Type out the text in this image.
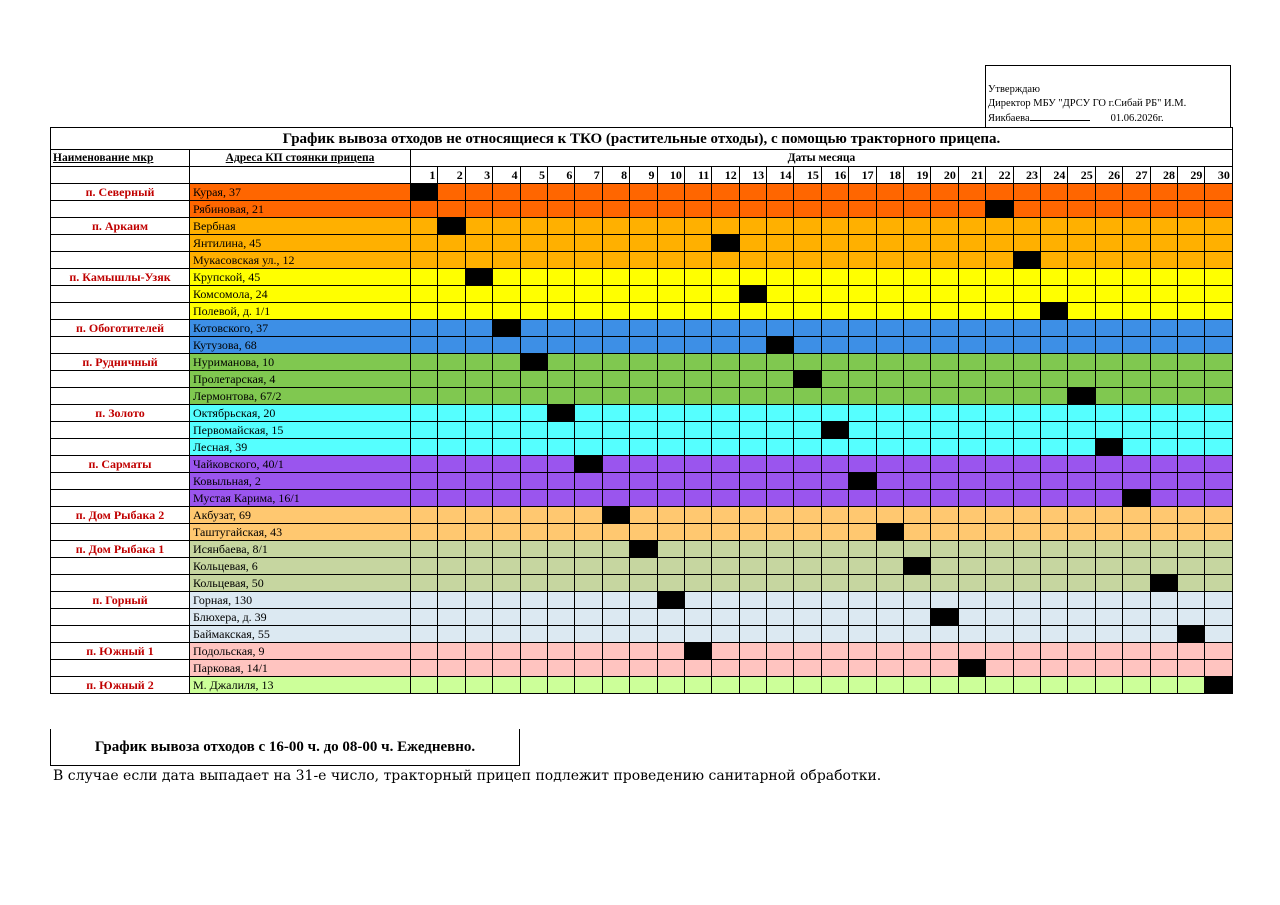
Утверждаю
Директор МБУ "ДРСУ ГО г.Сибай РБ" И.М.
Яикбаева	01.06.2026г.
График вывоза отходов не относящиеся к ТКО (растительные отходы), с помощью тракторного прицепа.																															
Наименование мкр	Адреса КП стоянки прицепа	Даты месяца																													
		1	2	3	4	5	6	7	8	9	10	11	12	13	14	15	16	17	18	19	20	21	22	23	24	25	26	27	28	29	30
п. Северный	Курая, 37																														
	Рябиновая, 21																														
п. Аркаим	Вербная																														
	Янтилина, 45																														
	Мукасовская ул., 12																														
п. Камышлы-Узяк	Крупской, 45																														
	Комсомола, 24																														
	Полевой, д. 1/1																														
п. Обоготителей	Котовского, 37																														
	Кутузова, 68																														
п. Рудничный	Нуриманова, 10																														
	Пролетарская, 4																														
	Лермонтова, 67/2																														
п. Золото	Октябрьская, 20																														
	Первомайская, 15																														
	Лесная, 39																														
п. Сарматы	Чайковского, 40/1																														
	Ковыльная, 2																														
	Мустая Карима, 16/1																														
п. Дом Рыбака 2	Акбузат, 69																														
	Таштугайская, 43																														
п. Дом Рыбака 1	Исянбаева, 8/1																														
	Кольцевая, 6																														
	Кольцевая, 50																														
п. Горный	Горная, 130																														
	Блюхера, д. 39																														
	Баймакская, 55																														
п. Южный 1	Подольская, 9																														
	Парковая, 14/1																														
п. Южный 2	М. Джалиля, 13																														
График вывоза отходов с 16-00 ч. до 08-00 ч. Ежедневно.
В случае если дата выпадает на 31-е число, тракторный прицеп подлежит проведению санитарной обработки.
